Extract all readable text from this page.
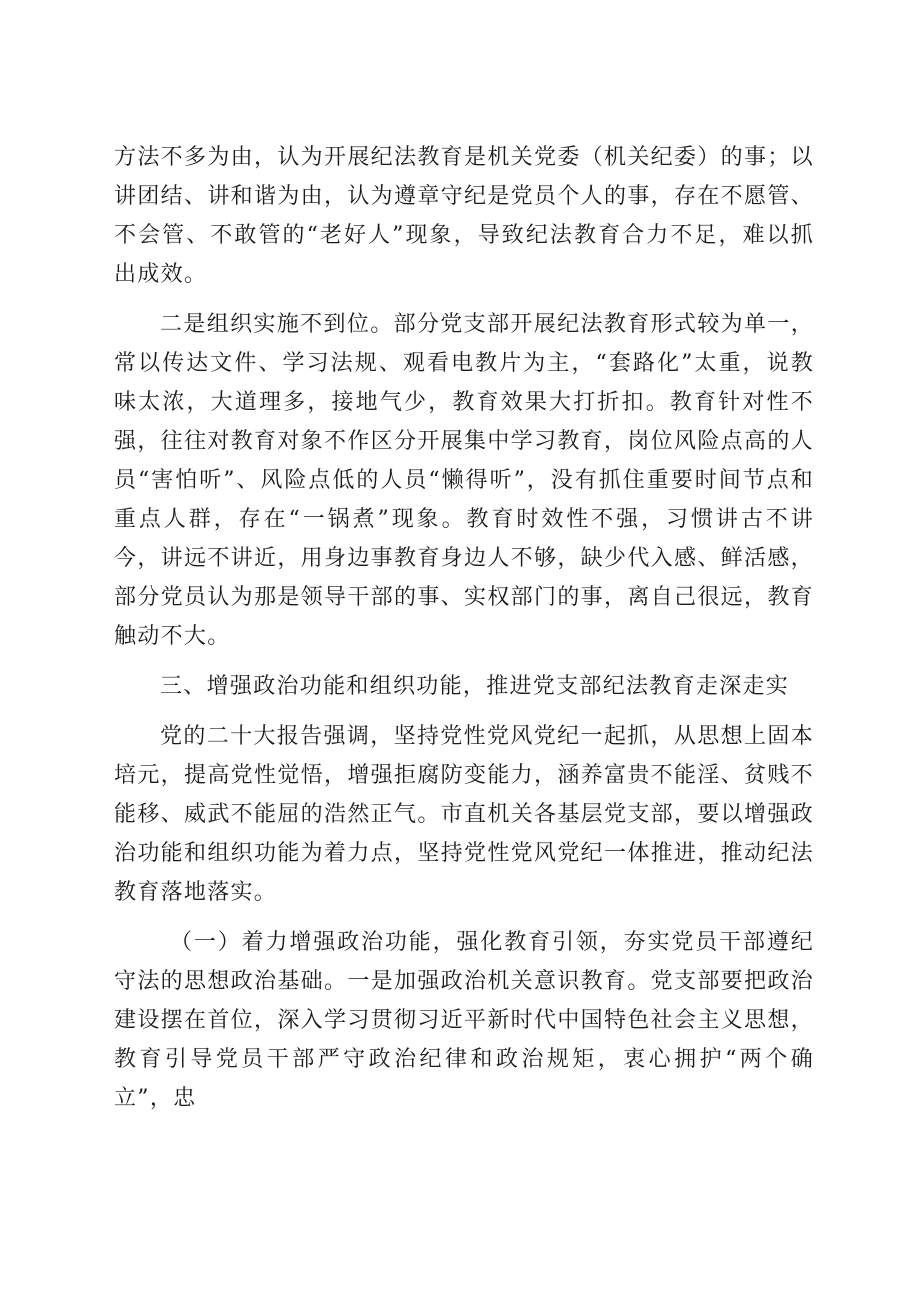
方法不多为由，认为开展纪法教育是机关党委（机关纪委）的事；以讲团结、讲和谐为由，认为遵章守纪是党员个人的事，存在不愿管、不会管、不敢管的“老好人”现象，导致纪法教育合力不足，难以抓出成效。

二是组织实施不到位。部分党支部开展纪法教育形式较为单一，常以传达文件、学习法规、观看电教片为主，“套路化”太重，说教味太浓，大道理多，接地气少，教育效果大打折扣。教育针对性不强，往往对教育对象不作区分开展集中学习教育，岗位风险点高的人员“害怕听”、风险点低的人员“懒得听”，没有抓住重要时间节点和重点人群，存在“一锅煮”现象。教育时效性不强，习惯讲古不讲今，讲远不讲近，用身边事教育身边人不够，缺少代入感、鲜活感，部分党员认为那是领导干部的事、实权部门的事，离自己很远，教育触动不大。

三、增强政治功能和组织功能，推进党支部纪法教育走深走实

党的二十大报告强调，坚持党性党风党纪一起抓，从思想上固本培元，提高党性觉悟，增强拒腐防变能力，涵养富贵不能淫、贫贱不能移、威武不能屈的浩然正气。市直机关各基层党支部，要以增强政治功能和组织功能为着力点，坚持党性党风党纪一体推进，推动纪法教育落地落实。

（一）着力增强政治功能，强化教育引领，夯实党员干部遵纪守法的思想政治基础。一是加强政治机关意识教育。党支部要把政治建设摆在首位，深入学习贯彻习近平新时代中国特色社会主义思想，教育引导党员干部严守政治纪律和政治规矩，衷心拥护“两个确立”，忠
